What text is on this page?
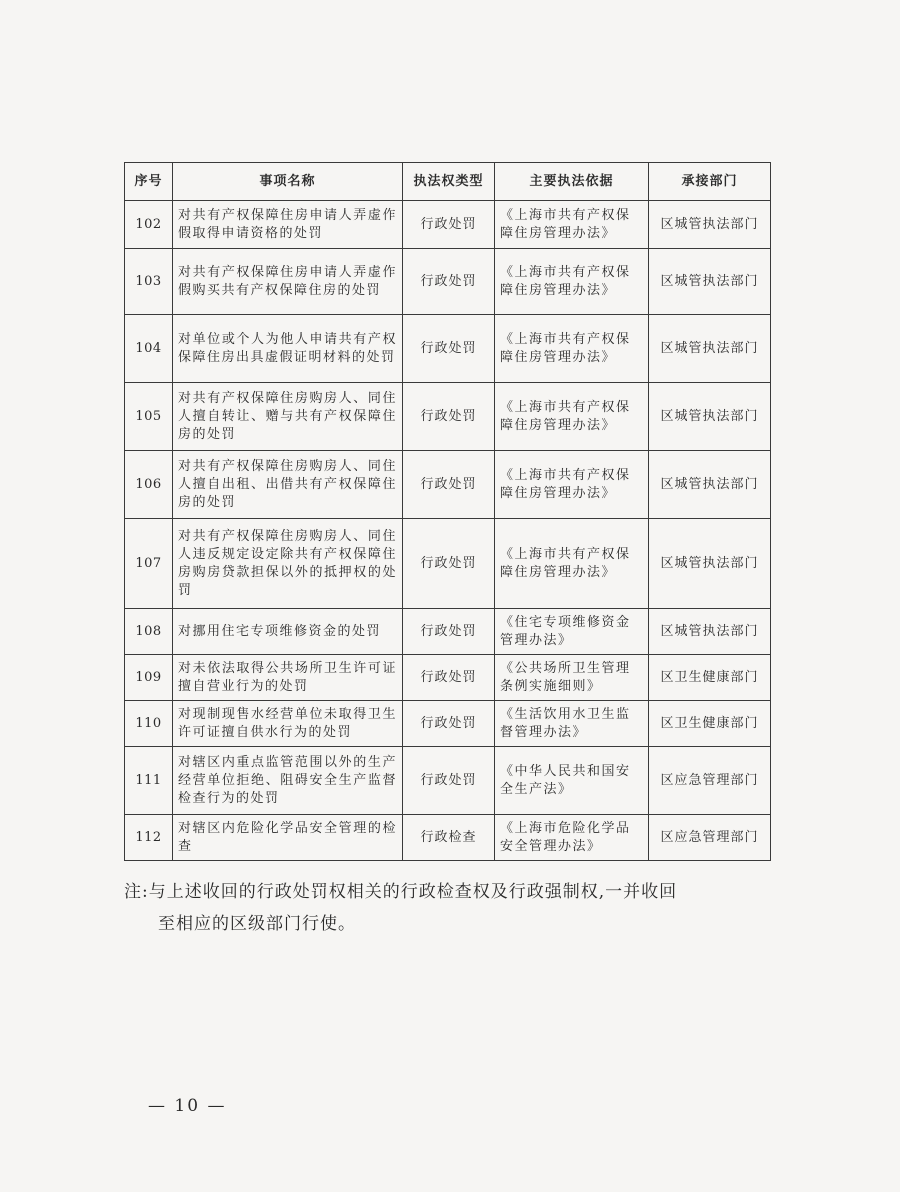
序号	事项名称	执法权类型	主要执法依据	承接部门
102	对共有产权保障住房申请人弄虚作假取得申请资格的处罚	行政处罚	《上海市共有产权保障住房管理办法》	区城管执法部门
103	对共有产权保障住房申请人弄虚作假购买共有产权保障住房的处罚	行政处罚	《上海市共有产权保障住房管理办法》	区城管执法部门
104	对单位或个人为他人申请共有产权保障住房出具虚假证明材料的处罚	行政处罚	《上海市共有产权保障住房管理办法》	区城管执法部门
105	对共有产权保障住房购房人、同住人擅自转让、赠与共有产权保障住房的处罚	行政处罚	《上海市共有产权保障住房管理办法》	区城管执法部门
106	对共有产权保障住房购房人、同住人擅自出租、出借共有产权保障住房的处罚	行政处罚	《上海市共有产权保障住房管理办法》	区城管执法部门
107	对共有产权保障住房购房人、同住人违反规定设定除共有产权保障住房购房贷款担保以外的抵押权的处罚	行政处罚	《上海市共有产权保障住房管理办法》	区城管执法部门
108	对挪用住宅专项维修资金的处罚	行政处罚	《住宅专项维修资金管理办法》	区城管执法部门
109	对未依法取得公共场所卫生许可证擅自营业行为的处罚	行政处罚	《公共场所卫生管理条例实施细则》	区卫生健康部门
110	对现制现售水经营单位未取得卫生许可证擅自供水行为的处罚	行政处罚	《生活饮用水卫生监督管理办法》	区卫生健康部门
111	对辖区内重点监管范围以外的生产经营单位拒绝、阻碍安全生产监督检查行为的处罚	行政处罚	《中华人民共和国安全生产法》	区应急管理部门
112	对辖区内危险化学品安全管理的检查	行政检查	《上海市危险化学品安全管理办法》	区应急管理部门
注:与上述收回的行政处罚权相关的行政检查权及行政强制权,一并收回
至相应的区级部门行使。
— 10 —
